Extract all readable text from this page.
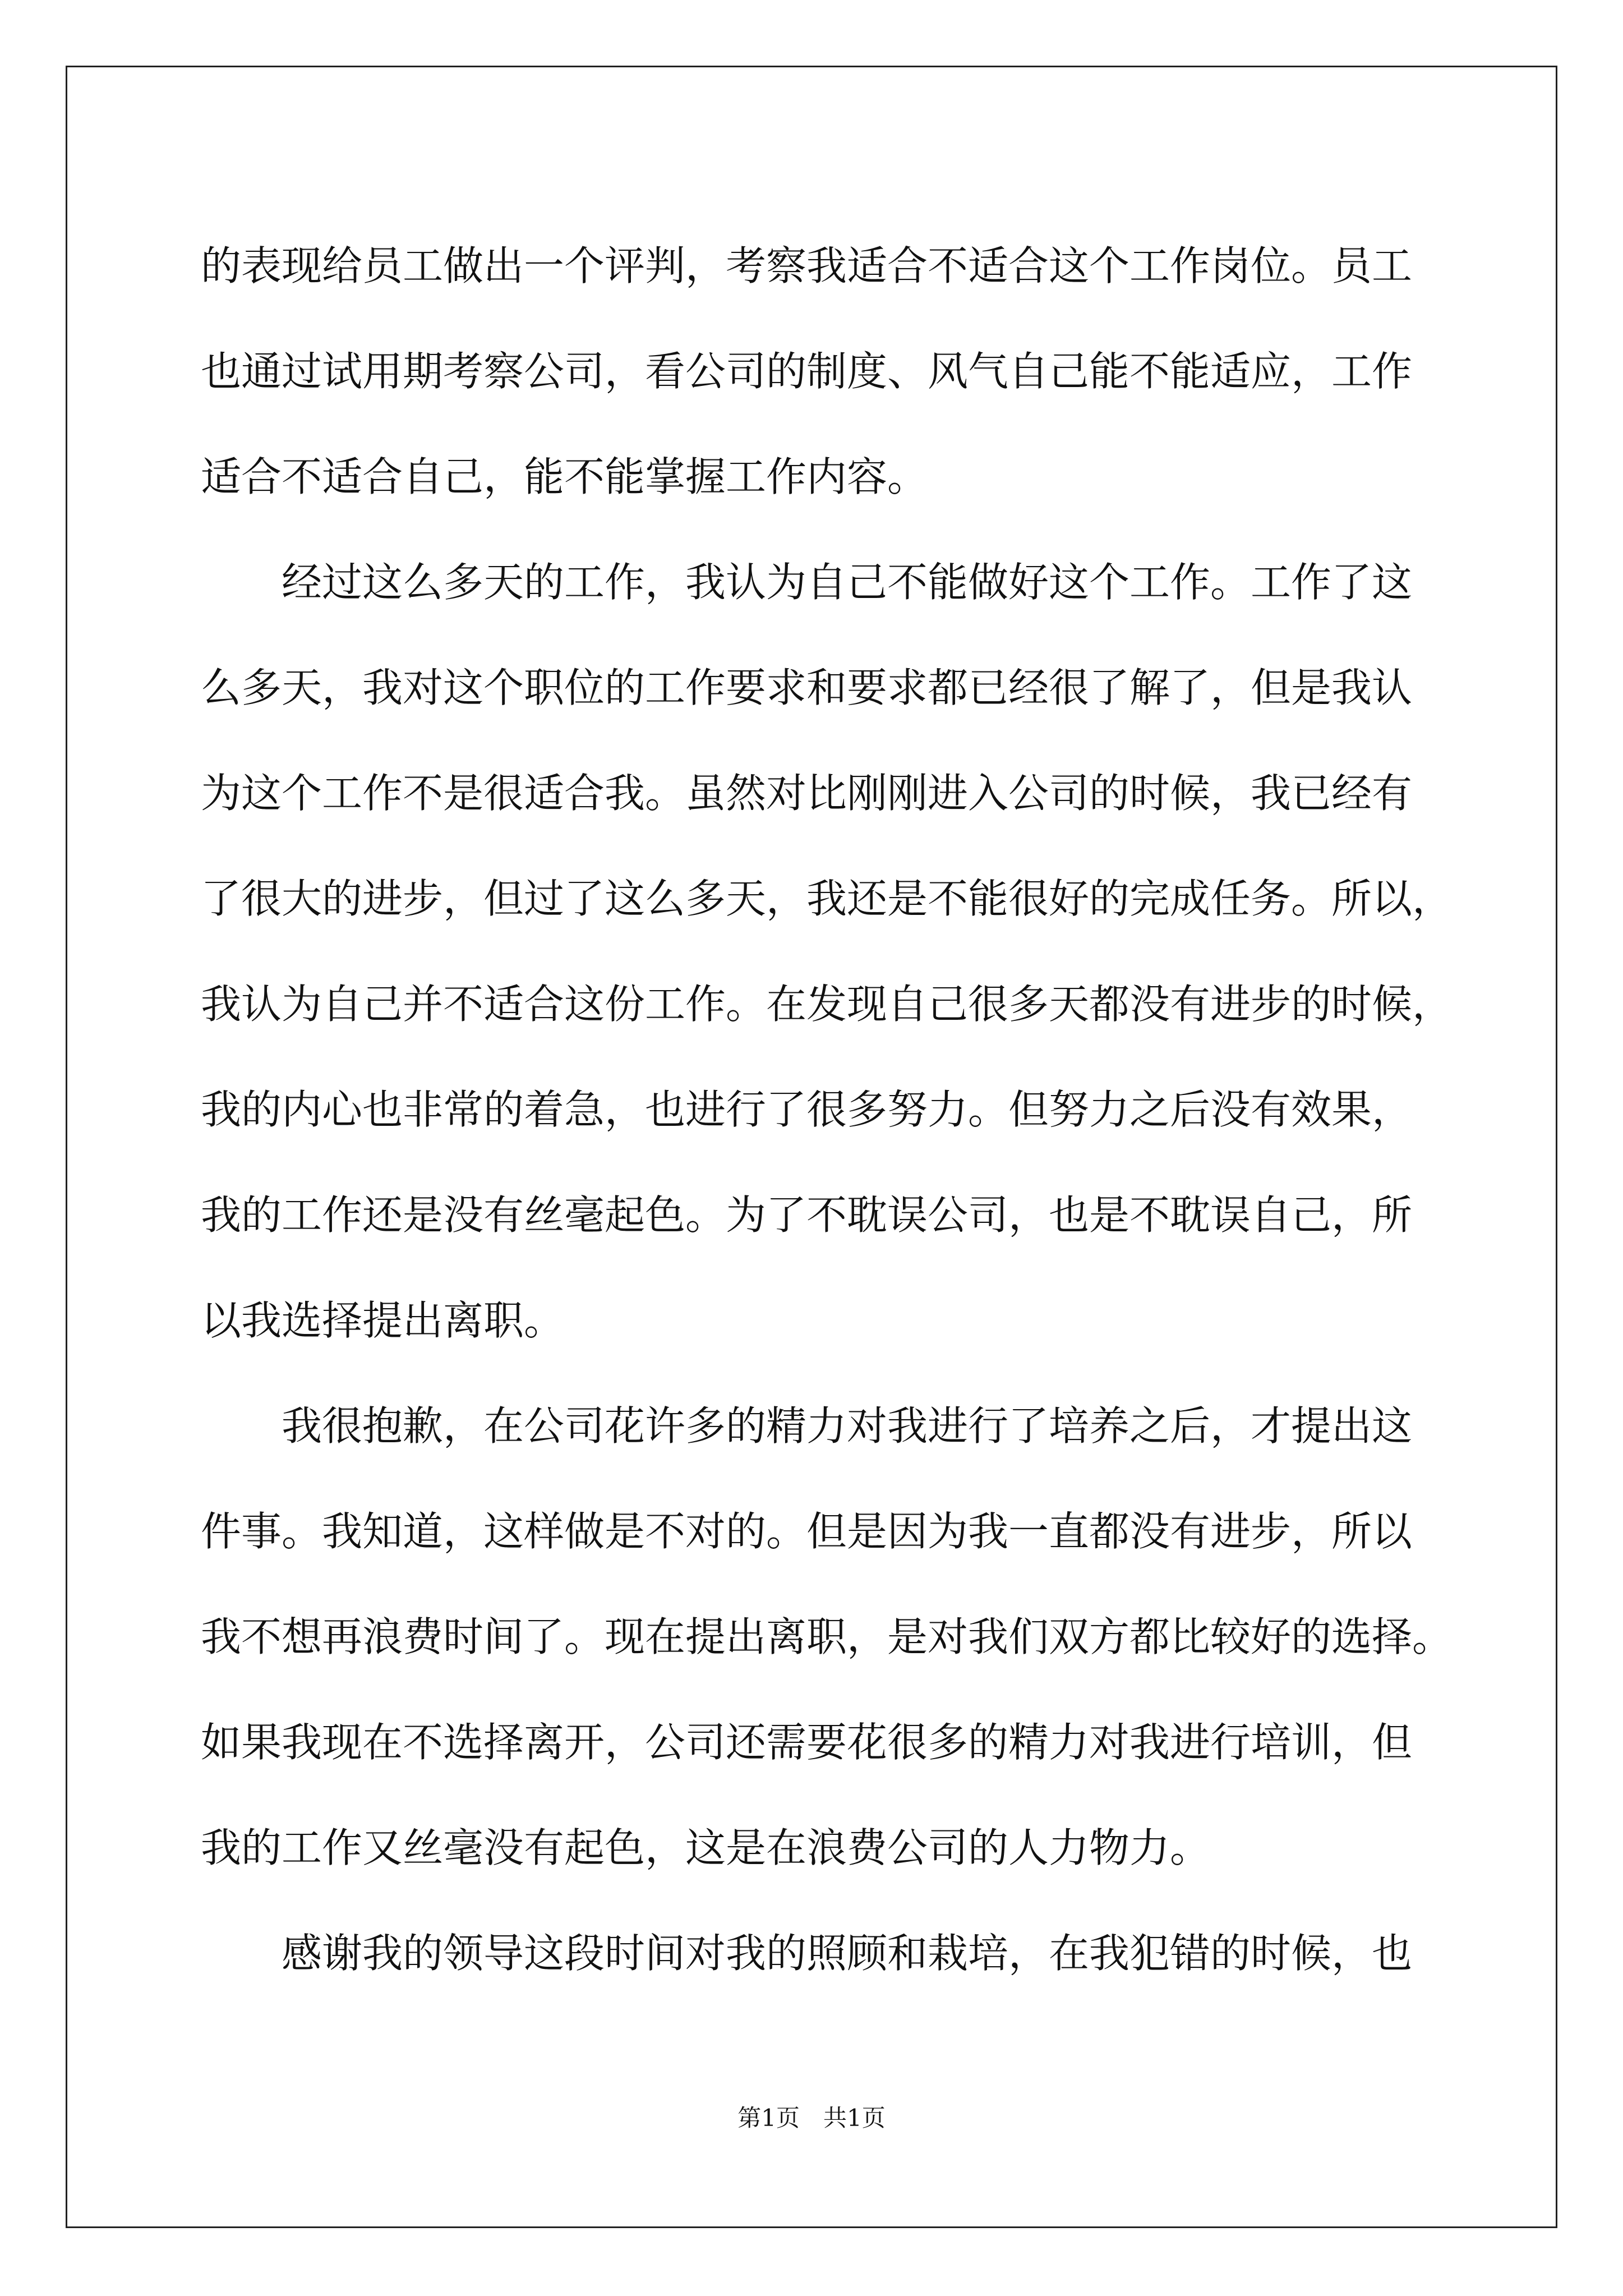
的表现给员工做出一个评判，考察我适合不适合这个工作岗位。员工
也通过试用期考察公司，看公司的制度、风气自己能不能适应，工作
适合不适合自己，能不能掌握工作内容。
经过这么多天的工作，我认为自己不能做好这个工作。工作了这
么多天，我对这个职位的工作要求和要求都已经很了解了，但是我认
为这个工作不是很适合我。虽然对比刚刚进入公司的时候，我已经有
了很大的进步，但过了这么多天，我还是不能很好的完成任务。所以，
我认为自己并不适合这份工作。在发现自己很多天都没有进步的时候，
我的内心也非常的着急，也进行了很多努力。但努力之后没有效果，
我的工作还是没有丝毫起色。为了不耽误公司，也是不耽误自己，所
以我选择提出离职。
我很抱歉，在公司花许多的精力对我进行了培养之后，才提出这
件事。我知道，这样做是不对的。但是因为我一直都没有进步，所以
我不想再浪费时间了。现在提出离职，是对我们双方都比较好的选择。
如果我现在不选择离开，公司还需要花很多的精力对我进行培训，但
我的工作又丝毫没有起色，这是在浪费公司的人力物力。
感谢我的领导这段时间对我的照顾和栽培，在我犯错的时候，也
第1页　共1页
